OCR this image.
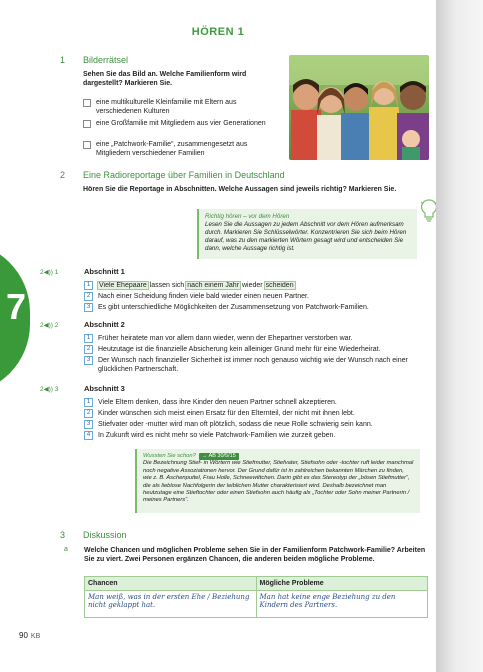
HÖREN 1
1 Bilderrätsel
Sehen Sie das Bild an. Welche Familienform wird dargestellt? Markieren Sie.
eine multikulturelle Kleinfamilie mit Eltern aus verschiedenen Kulturen
eine Großfamilie mit Mitgliedern aus vier Generationen
eine „Patchwork-Familie“, zusammengesetzt aus Mitgliedern verschiedener Familien
2 Eine Radioreportage über Familien in Deutschland
Hören Sie die Reportage in Abschnitten. Welche Aussagen sind jeweils richtig? Markieren Sie.
Richtig hören – vor dem Hören
Lesen Sie die Aussagen zu jedem Abschnitt vor dem Hören aufmerksam durch. Markieren Sie Schlüsselwörter. Konzentrieren Sie sich beim Hören darauf, was zu den markierten Wörtern gesagt wird und entscheiden Sie dann, welche Aussage richtig ist.
7
2◀)) 1	Abschnitt 1
1 Viele Ehepaare lassen sich nach einem Jahr wieder scheiden.
2 Nach einer Scheidung finden viele bald wieder einen neuen Partner.
3 Es gibt unterschiedliche Möglichkeiten der Zusammensetzung von Patchwork-Familien.
2◀)) 2	Abschnitt 2
1 Früher heiratete man vor allem dann wieder, wenn der Ehepartner verstorben war.
2 Heutzutage ist die finanzielle Absicherung kein alleiniger Grund mehr für eine Wiederheirat.
3 Der Wunsch nach finanzieller Sicherheit ist immer noch genauso wichtig wie der Wunsch nach einer glücklichen Partnerschaft.
2◀)) 3	Abschnitt 3
1 Viele Eltern denken, dass ihre Kinder den neuen Partner schnell akzeptieren.
2 Kinder wünschen sich meist einen Ersatz für den Elternteil, der nicht mit ihnen lebt.
3 Stiefvater oder -mutter wird man oft plötzlich, sodass die neue Rolle schwierig sein kann.
4 In Zukunft wird es nicht mehr so viele Patchwork-Familien wie zurzeit geben.
Wussten Sie schon? → AB 30/5/15
Die Bezeichnung Stief- in Wörtern wie Stiefmutter, Stiefvater, Stiefsohn oder -tochter ruft leider manchmal noch negative Assoziationen hervor. Der Grund dafür ist in zahlreichen bekannten Märchen zu finden, wie z. B. Aschenputtel, Frau Holle, Schneewittchen. Darin gibt es das Stereotyp der „bösen Stiefmutter“, die als lieblose Nachfolgerin der leiblichen Mutter charakterisiert wird. Deshalb bezeichnet man heutzutage eine Stieftochter oder einen Stiefsohn auch häufig als „Tochter oder Sohn meiner Partnerin / meines Partners“.
3 Diskussion
a Welche Chancen und möglichen Probleme sehen Sie in der Familienform Patchwork-Familie? Arbeiten Sie zu viert. Zwei Personen ergänzen Chancen, die anderen beiden mögliche Probleme.
Chancen	Mögliche Probleme
Man weiß, was in der ersten Ehe / Beziehung nicht geklappt hat.	Man hat keine enge Beziehung zu den Kindern des Partners.
90 KB
